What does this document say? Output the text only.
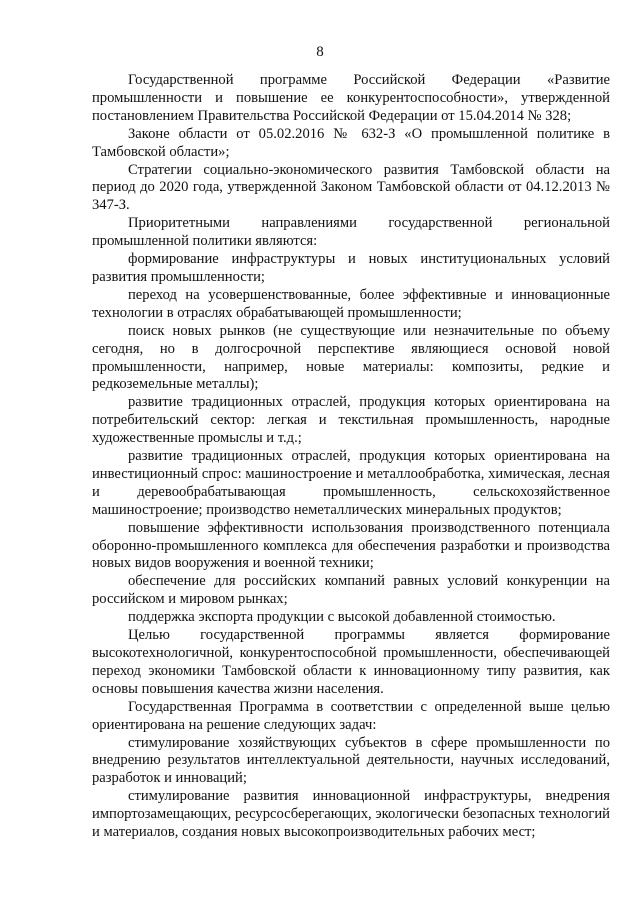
8

Государственной программе Российской Федерации «Развитие промышленности и повышение ее конкурентоспособности», утвержденной постановлением Правительства Российской Федерации от 15.04.2014 № 328;

Законе области от 05.02.2016 № 632-З «О промышленной политике в Тамбовской области»;

Стратегии социально-экономического развития Тамбовской области на период до 2020 года, утвержденной Законом Тамбовской области от 04.12.2013 № 347-З.

Приоритетными направлениями государственной региональной промышленной политики являются:

формирование инфраструктуры и новых институциональных условий развития промышленности;

переход на усовершенствованные, более эффективные и инновационные технологии в отраслях обрабатывающей промышленности;

поиск новых рынков (не существующие или незначительные по объему сегодня, но в долгосрочной перспективе являющиеся основой новой промышленности, например, новые материалы: композиты, редкие и редкоземельные металлы);

развитие традиционных отраслей, продукция которых ориентирована на потребительский сектор: легкая и текстильная промышленность, народные художественные промыслы и т.д.;

развитие традиционных отраслей, продукция которых ориентирована на инвестиционный спрос: машиностроение и металлообработка, химическая, лесная и деревообрабатывающая промышленность, сельскохозяйственное машиностроение; производство неметаллических минеральных продуктов;

повышение эффективности использования производственного потенциала оборонно-промышленного комплекса для обеспечения разработки и производства новых видов вооружения и военной техники;

обеспечение для российских компаний равных условий конкуренции на российском и мировом рынках;

поддержка экспорта продукции с высокой добавленной стоимостью.

Целью государственной программы является формирование высокотехнологичной, конкурентоспособной промышленности, обеспечивающей переход экономики Тамбовской области к инновационному типу развития, как основы повышения качества жизни населения.

Государственная Программа в соответствии с определенной выше целью ориентирована на решение следующих задач:

стимулирование хозяйствующих субъектов в сфере промышленности по внедрению результатов интеллектуальной деятельности, научных исследований, разработок и инноваций;

стимулирование развития инновационной инфраструктуры, внедрения импортозамещающих, ресурсосберегающих, экологически безопасных технологий и материалов, создания новых высокопроизводительных рабочих мест;
